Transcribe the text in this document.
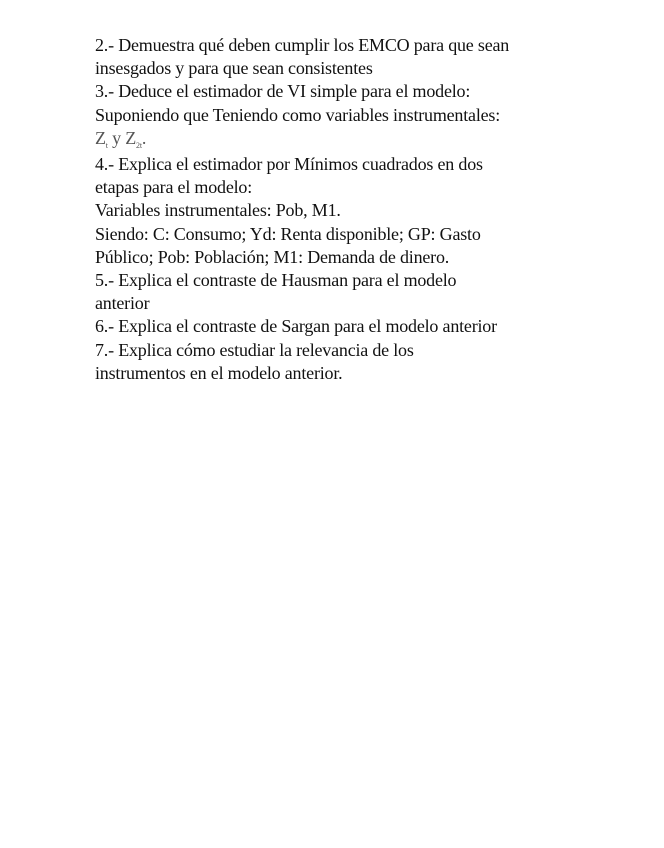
2.- Demuestra qué deben cumplir los EMCO para que sean
insesgados y para que sean consistentes
3.- Deduce el estimador de VI simple para el modelo:
Suponiendo que Teniendo como variables instrumentales:
$Z_t$ y $Z_{2t}$.
4.- Explica el estimador por Mínimos cuadrados en dos
etapas para el modelo:
Variables instrumentales: Pob, M1.
Siendo: C: Consumo; Yd: Renta disponible; GP: Gasto
Público; Pob: Población; M1: Demanda de dinero.
5.- Explica el contraste de Hausman para el modelo
anterior
6.- Explica el contraste de Sargan para el modelo anterior
7.- Explica cómo estudiar la relevancia de los
instrumentos en el modelo anterior.
